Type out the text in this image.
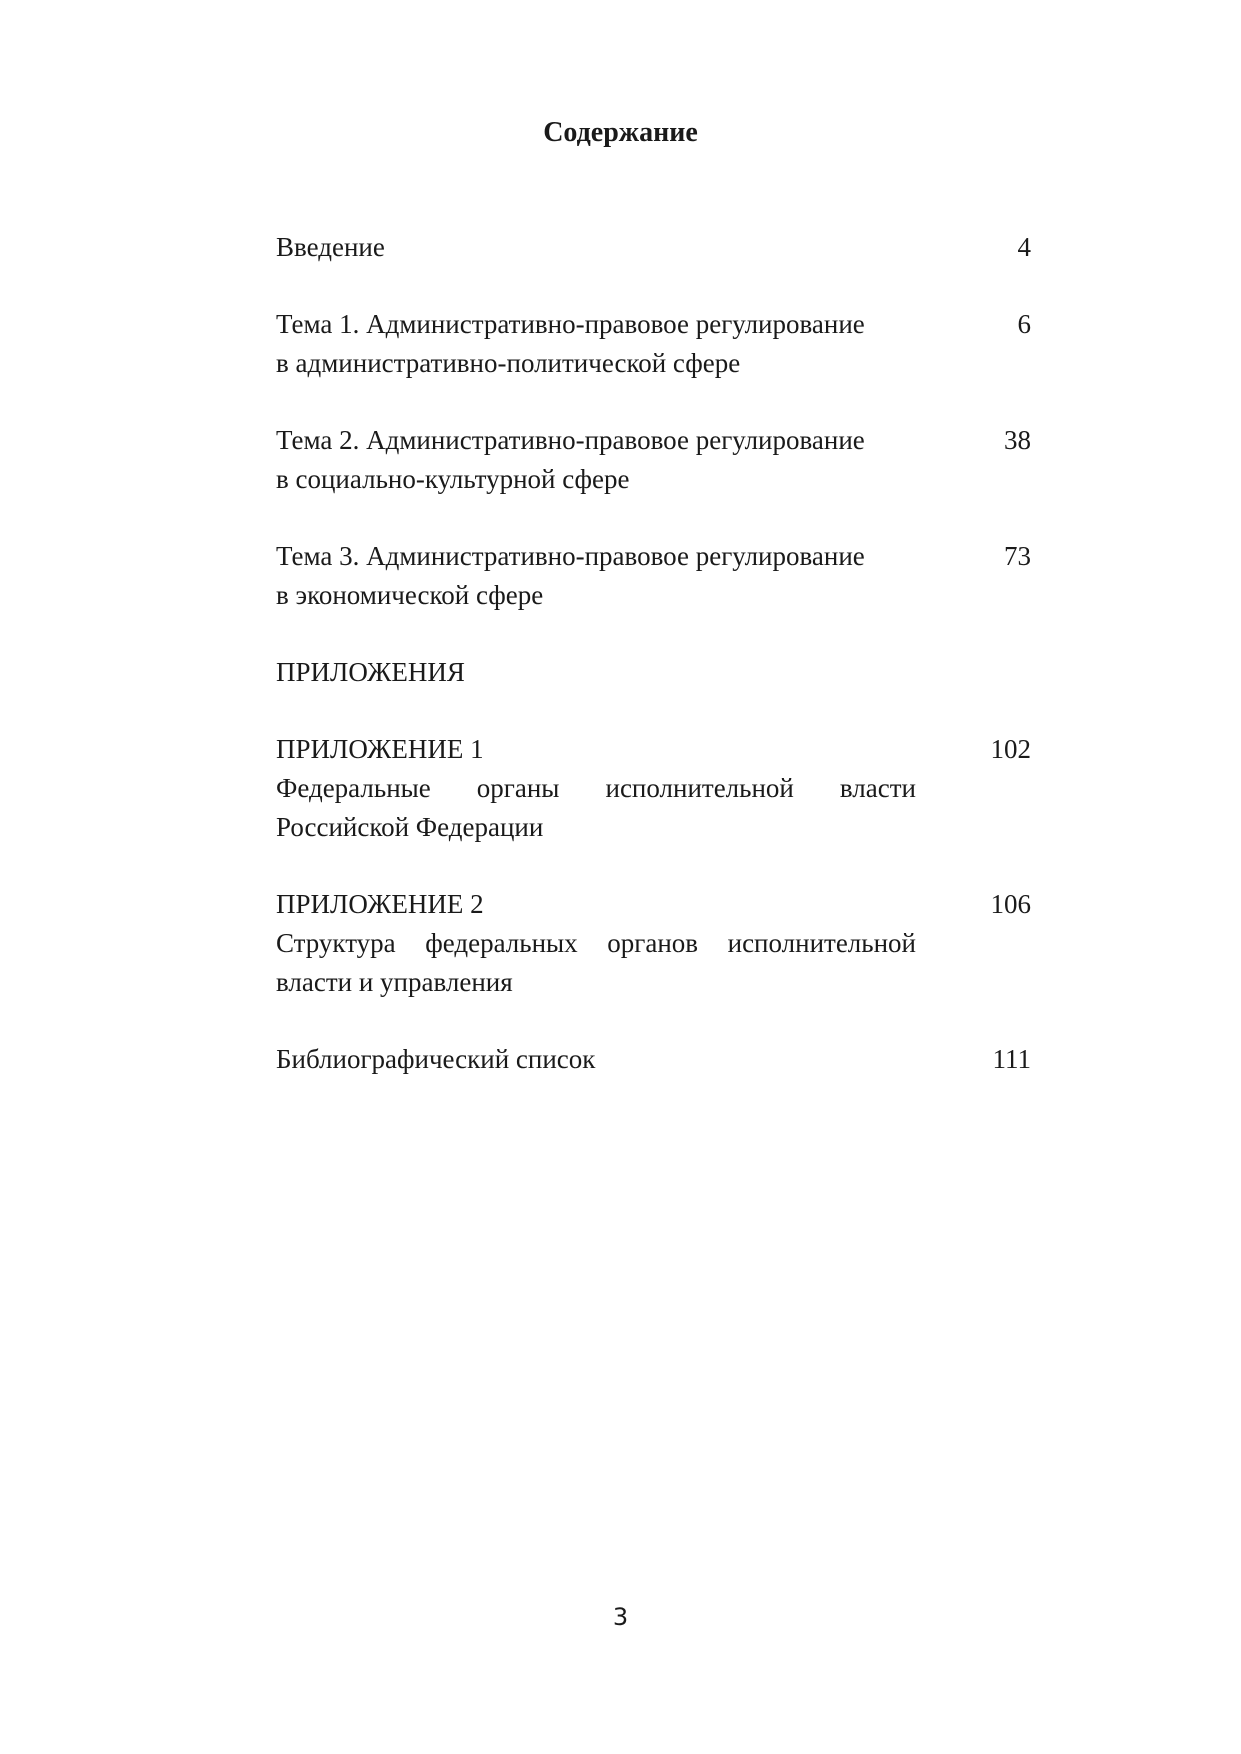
Содержание
Введение	4
Тема 1. Административно-правовое регулирование
в административно-политической сфере
6
Тема 2. Административно-правовое регулирование
в социально-культурной сфере
38
Тема 3. Административно-правовое регулирование
в экономической сфере
73
ПРИЛОЖЕНИЯ
ПРИЛОЖЕНИЕ 1
Федеральные органы исполнительной власти
Российской Федерации
102
ПРИЛОЖЕНИЕ 2
Структура федеральных органов исполнительной
власти и управления
106
Библиографический список	111
3
